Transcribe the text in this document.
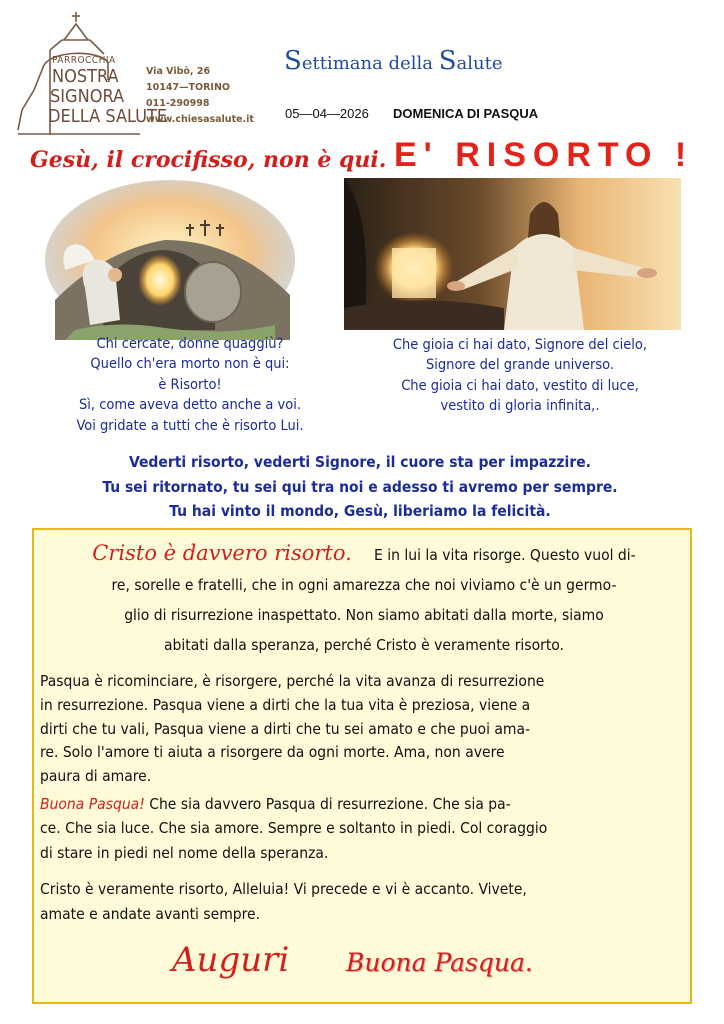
PARROCCHIA
NOSTRA
SIGNORA
DELLA SALUTE
Via Vibò, 26
10147—TORINO
011-290998
www.chiesasalute.it
Settimana della Salute
05—04—2026 DOMENICA DI PASQUA
Gesù, il crocifisso, non è qui. E' RISORTO !
Chi cercate, donne quaggiù?
Quello ch'era morto non è qui:
è Risorto!
Sì, come aveva detto anche a voi.
Voi gridate a tutti che è risorto Lui.
Che gioia ci hai dato, Signore del cielo,
Signore del grande universo.
Che gioia ci hai dato, vestito di luce,
vestito di gloria infinita,.
Vederti risorto, vederti Signore, il cuore sta per impazzire.
Tu sei ritornato, tu sei qui tra noi e adesso ti avremo per sempre.
Tu hai vinto il mondo, Gesù, liberiamo la felicità.
Cristo è davvero risorto. E in lui la vita risorge. Questo vuol di-
re, sorelle e fratelli, che in ogni amarezza che noi viviamo c'è un germo-
glio di risurrezione inaspettato. Non siamo abitati dalla morte, siamo
abitati dalla speranza, perché Cristo è veramente risorto.
Pasqua è ricominciare, è risorgere, perché la vita avanza di resurrezione
in resurrezione. Pasqua viene a dirti che la tua vita è preziosa, viene a
dirti che tu vali, Pasqua viene a dirti che tu sei amato e che puoi ama-
re. Solo l'amore ti aiuta a risorgere da ogni morte. Ama, non avere
paura di amare.
Buona Pasqua! Che sia davvero Pasqua di resurrezione. Che sia pa-
ce. Che sia luce. Che sia amore. Sempre e soltanto in piedi. Col coraggio
di stare in piedi nel nome della speranza.
Cristo è veramente risorto, Alleluia! Vi precede e vi è accanto. Vivete,
amate e andate avanti sempre.
Auguri Buona Pasqua.
